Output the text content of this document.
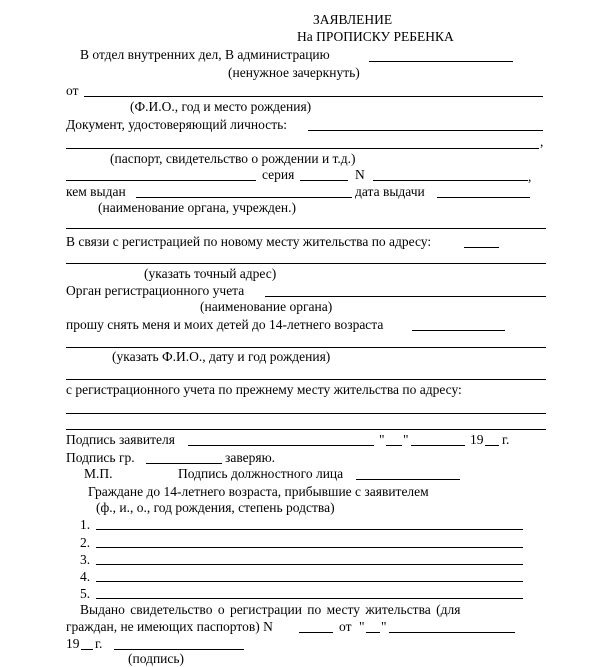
ЗАЯВЛЕНИЕ
На ПРОПИСКУ РЕБЕНКА
В отдел внутренних дел, В администрацию
(ненужное зачеркнуть)
от
(Ф.И.О., год и место рождения)
Документ, удостоверяющий личность:
,
(паспорт, свидетельство о рождении и т.д.)
серия	N	,
кем выдан	дата выдачи
(наименование органа, учрежден.)
В связи с регистрацией по новому месту жительства по адресу:
(указать точный адрес)
Орган регистрационного учета
(наименование органа)
прошу снять меня и моих детей до 14-летнего возраста
(указать Ф.И.О., дату и год рождения)
с регистрационного учета по прежнему месту жительства по адресу:
Подпись заявителя	" "	19 г.
Подпись гр.	заверяю.
М.П.	Подпись должностного лица
Граждане до 14-летнего возраста, прибывшие с заявителем
(ф., и., о., год рождения, степень родства)
1.
2.
3.
4.
5.
Выдано свидетельство о регистрации по месту жительства (для
граждан, не имеющих паспортов) N	от " "
19 г.
(подпись)
